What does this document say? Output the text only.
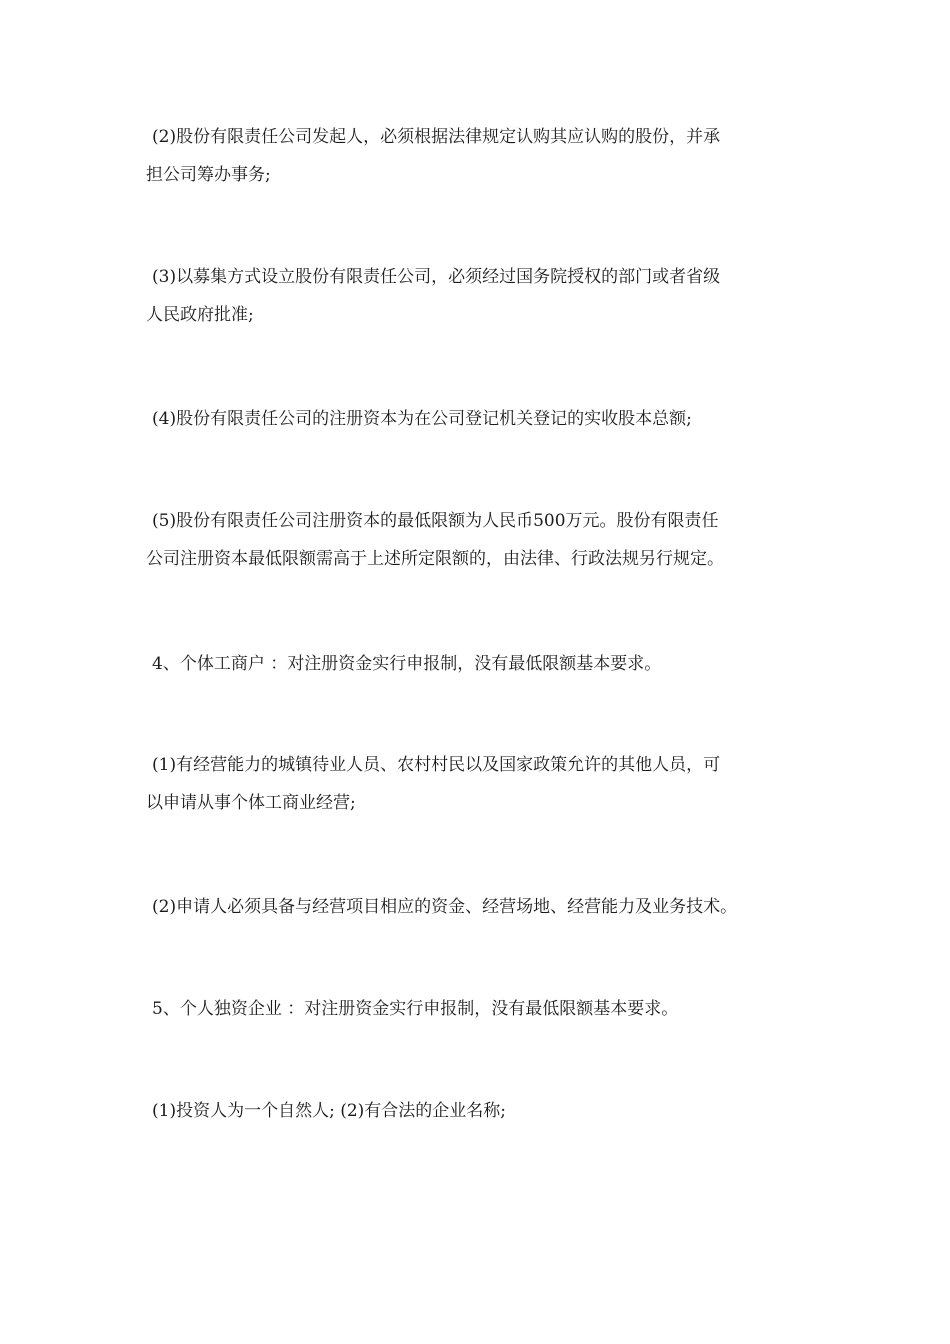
(2)股份有限责任公司发起人，必须根据法律规定认购其应认购的股份，并承
担公司筹办事务;

(3)以募集方式设立股份有限责任公司，必须经过国务院授权的部门或者省级
人民政府批准;

(4)股份有限责任公司的注册资本为在公司登记机关登记的实收股本总额;

(5)股份有限责任公司注册资本的最低限额为人民币500万元。股份有限责任
公司注册资本最低限额需高于上述所定限额的，由法律、行政法规另行规定。

4、个体工商户 ：对注册资金实行申报制，没有最低限额基本要求。

(1)有经营能力的城镇待业人员、农村村民以及国家政策允许的其他人员，可
以申请从事个体工商业经营;

(2)申请人必须具备与经营项目相应的资金、经营场地、经营能力及业务技术。

5、个人独资企业 ：对注册资金实行申报制，没有最低限额基本要求。

(1)投资人为一个自然人; (2)有合法的企业名称;
